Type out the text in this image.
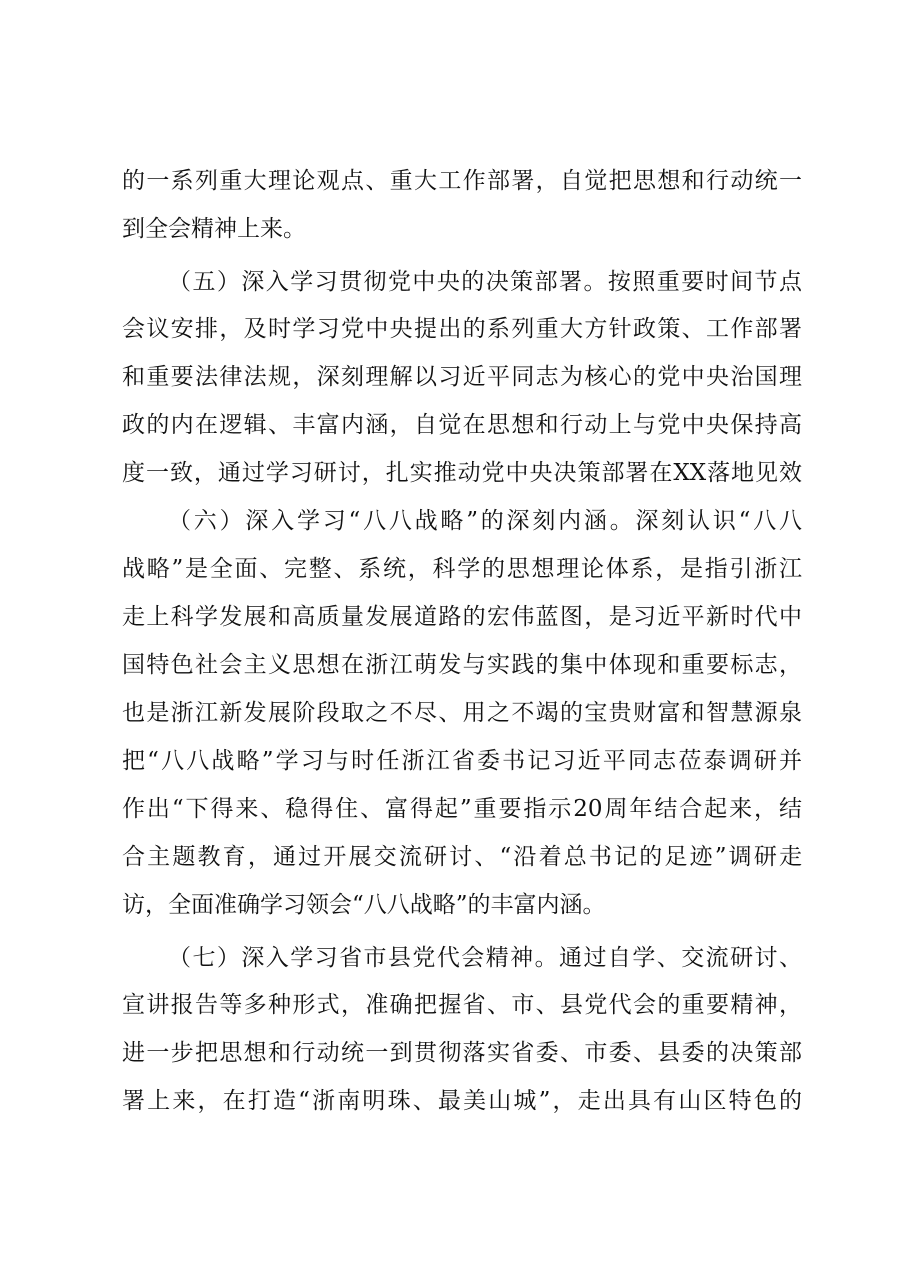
的一系列重大理论观点、重大工作部署，自觉把思想和行动统一
到全会精神上来。
（五）深入学习贯彻党中央的决策部署。按照重要时间节点
会议安排，及时学习党中央提出的系列重大方针政策、工作部署
和重要法律法规，深刻理解以习近平同志为核心的党中央治国理
政的内在逻辑、丰富内涵，自觉在思想和行动上与党中央保持高
度一致，通过学习研讨，扎实推动党中央决策部署在XX落地见效
（六）深入学习“八八战略”的深刻内涵。深刻认识“八八
战略”是全面、完整、系统，科学的思想理论体系，是指引浙江
走上科学发展和高质量发展道路的宏伟蓝图，是习近平新时代中
国特色社会主义思想在浙江萌发与实践的集中体现和重要标志，
也是浙江新发展阶段取之不尽、用之不竭的宝贵财富和智慧源泉
把“八八战略”学习与时任浙江省委书记习近平同志莅泰调研并
作出“下得来、稳得住、富得起”重要指示20周年结合起来，结
合主题教育，通过开展交流研讨、“沿着总书记的足迹”调研走
访，全面准确学习领会“八八战略”的丰富内涵。
（七）深入学习省市县党代会精神。通过自学、交流研讨、
宣讲报告等多种形式，准确把握省、市、县党代会的重要精神，
进一步把思想和行动统一到贯彻落实省委、市委、县委的决策部
署上来，在打造“浙南明珠、最美山城”，走出具有山区特色的
